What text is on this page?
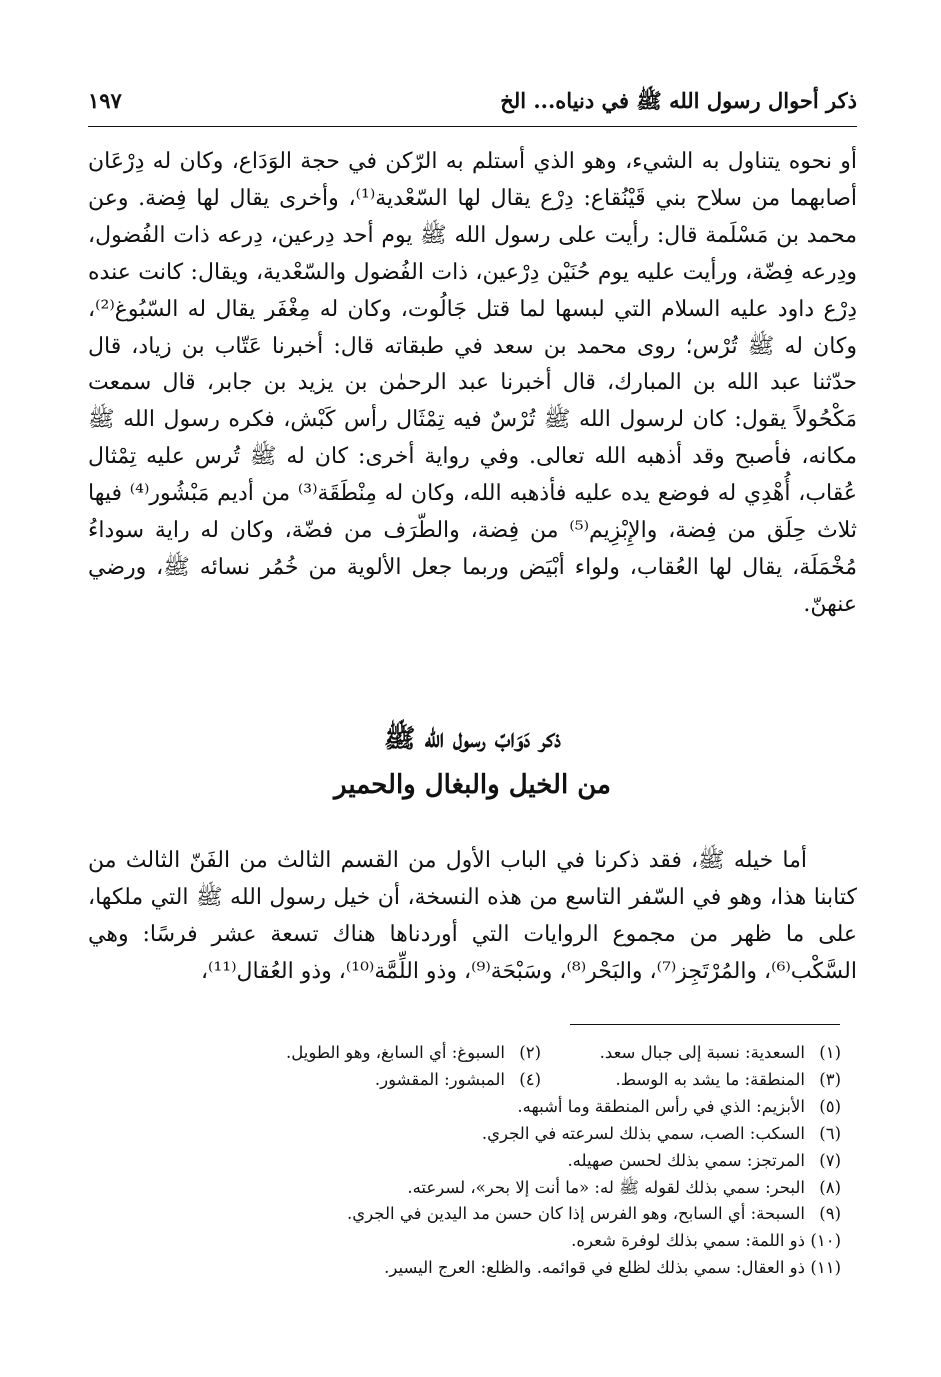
ذكر أحوال رسول الله ﷺ في دنياه... الخ
١٩٧

أو نحوه يتناول به الشيء، وهو الذي أستلم به الرّكن في حجة الوَدَاع، وكان له دِرْعَان أصابهما من سلاح بني قَيْنُقاع: دِرْع يقال لها السّعْدية⁽¹⁾، وأخرى يقال لها فِضة. وعن محمد بن مَسْلَمة قال: رأيت على رسول الله ﷺ يوم أحد دِرعين، دِرعه ذات الفُضول، ودِرعه فِضّة، ورأيت عليه يوم حُنَيْن دِرْعين، ذات الفُضول والسّعْدية، ويقال: كانت عنده دِرْع داود عليه السلام التي لبسها لما قتل جَالُوت، وكان له مِغْفَر يقال له السّبُوغ⁽²⁾، وكان له ﷺ تُرْس؛ روى محمد بن سعد في طبقاته قال: أخبرنا عَتّاب بن زياد، قال حدّثنا عبد الله بن المبارك، قال أخبرنا عبد الرحمٰن بن يزيد بن جابر، قال سمعت مَكْحُولاً يقول: كان لرسول الله ﷺ تُرْسٌ فيه تِمْثَال رأس كَبْش، فكره رسول الله ﷺ مكانه، فأصبح وقد أذهبه الله تعالى. وفي رواية أخرى: كان له ﷺ تُرس عليه تِمْثال عُقاب، أُهْدِي له فوضع يده عليه فأذهبه الله، وكان له مِنْطَقَة⁽³⁾ من أديم مَبْشُور⁽⁴⁾ فيها ثلاث حِلَق من فِضة، والإِبْزِيم⁽⁵⁾ من فِضة، والطّرَف من فضّة، وكان له راية سوداءُ مُخْمَلَة، يقال لها العُقاب، ولواء أبْيَض وربما جعل الألوية من خُمُر نسائه ﷺ، ورضي عنهنّ.

ذكر دَوَابّ رسول الله ﷺ
من الخيل والبغال والحمير

أما خيله ﷺ، فقد ذكرنا في الباب الأول من القسم الثالث من الفَنّ الثالث من كتابنا هذا، وهو في السّفر التاسع من هذه النسخة، أن خيل رسول الله ﷺ التي ملكها، على ما ظهر من مجموع الروايات التي أوردناها هناك تسعة عشر فرسًا: وهي السَّكْب⁽⁶⁾، والمُرْتَجِز⁽⁷⁾، والبَحْر⁽⁸⁾، وسَبْحَة⁽⁹⁾، وذو اللِّمَّة⁽¹⁰⁾، وذو العُقال⁽¹¹⁾،

(١)
السعدية: نسبة إلى جبال سعد.
(٢)
السبوغ: أي السابغ، وهو الطويل.
(٣)
المنطقة: ما يشد به الوسط.
(٤)
المبشور: المقشور.
(٥)
الأبزيم: الذي في رأس المنطقة وما أشبهه.
(٦)
السكب: الصب، سمي بذلك لسرعته في الجري.
(٧)
المرتجز: سمي بذلك لحسن صهيله.
(٨)
البحر: سمي بذلك لقوله ﷺ له: «ما أنت إلا بحر»، لسرعته.
(٩)
السبحة: أي السابح، وهو الفرس إذا كان حسن مد اليدين في الجري.
(١٠)
ذو اللمة: سمي بذلك لوفرة شعره.
(١١)
ذو العقال: سمي بذلك لظلع في قوائمه. والظلع: العرج اليسير.
